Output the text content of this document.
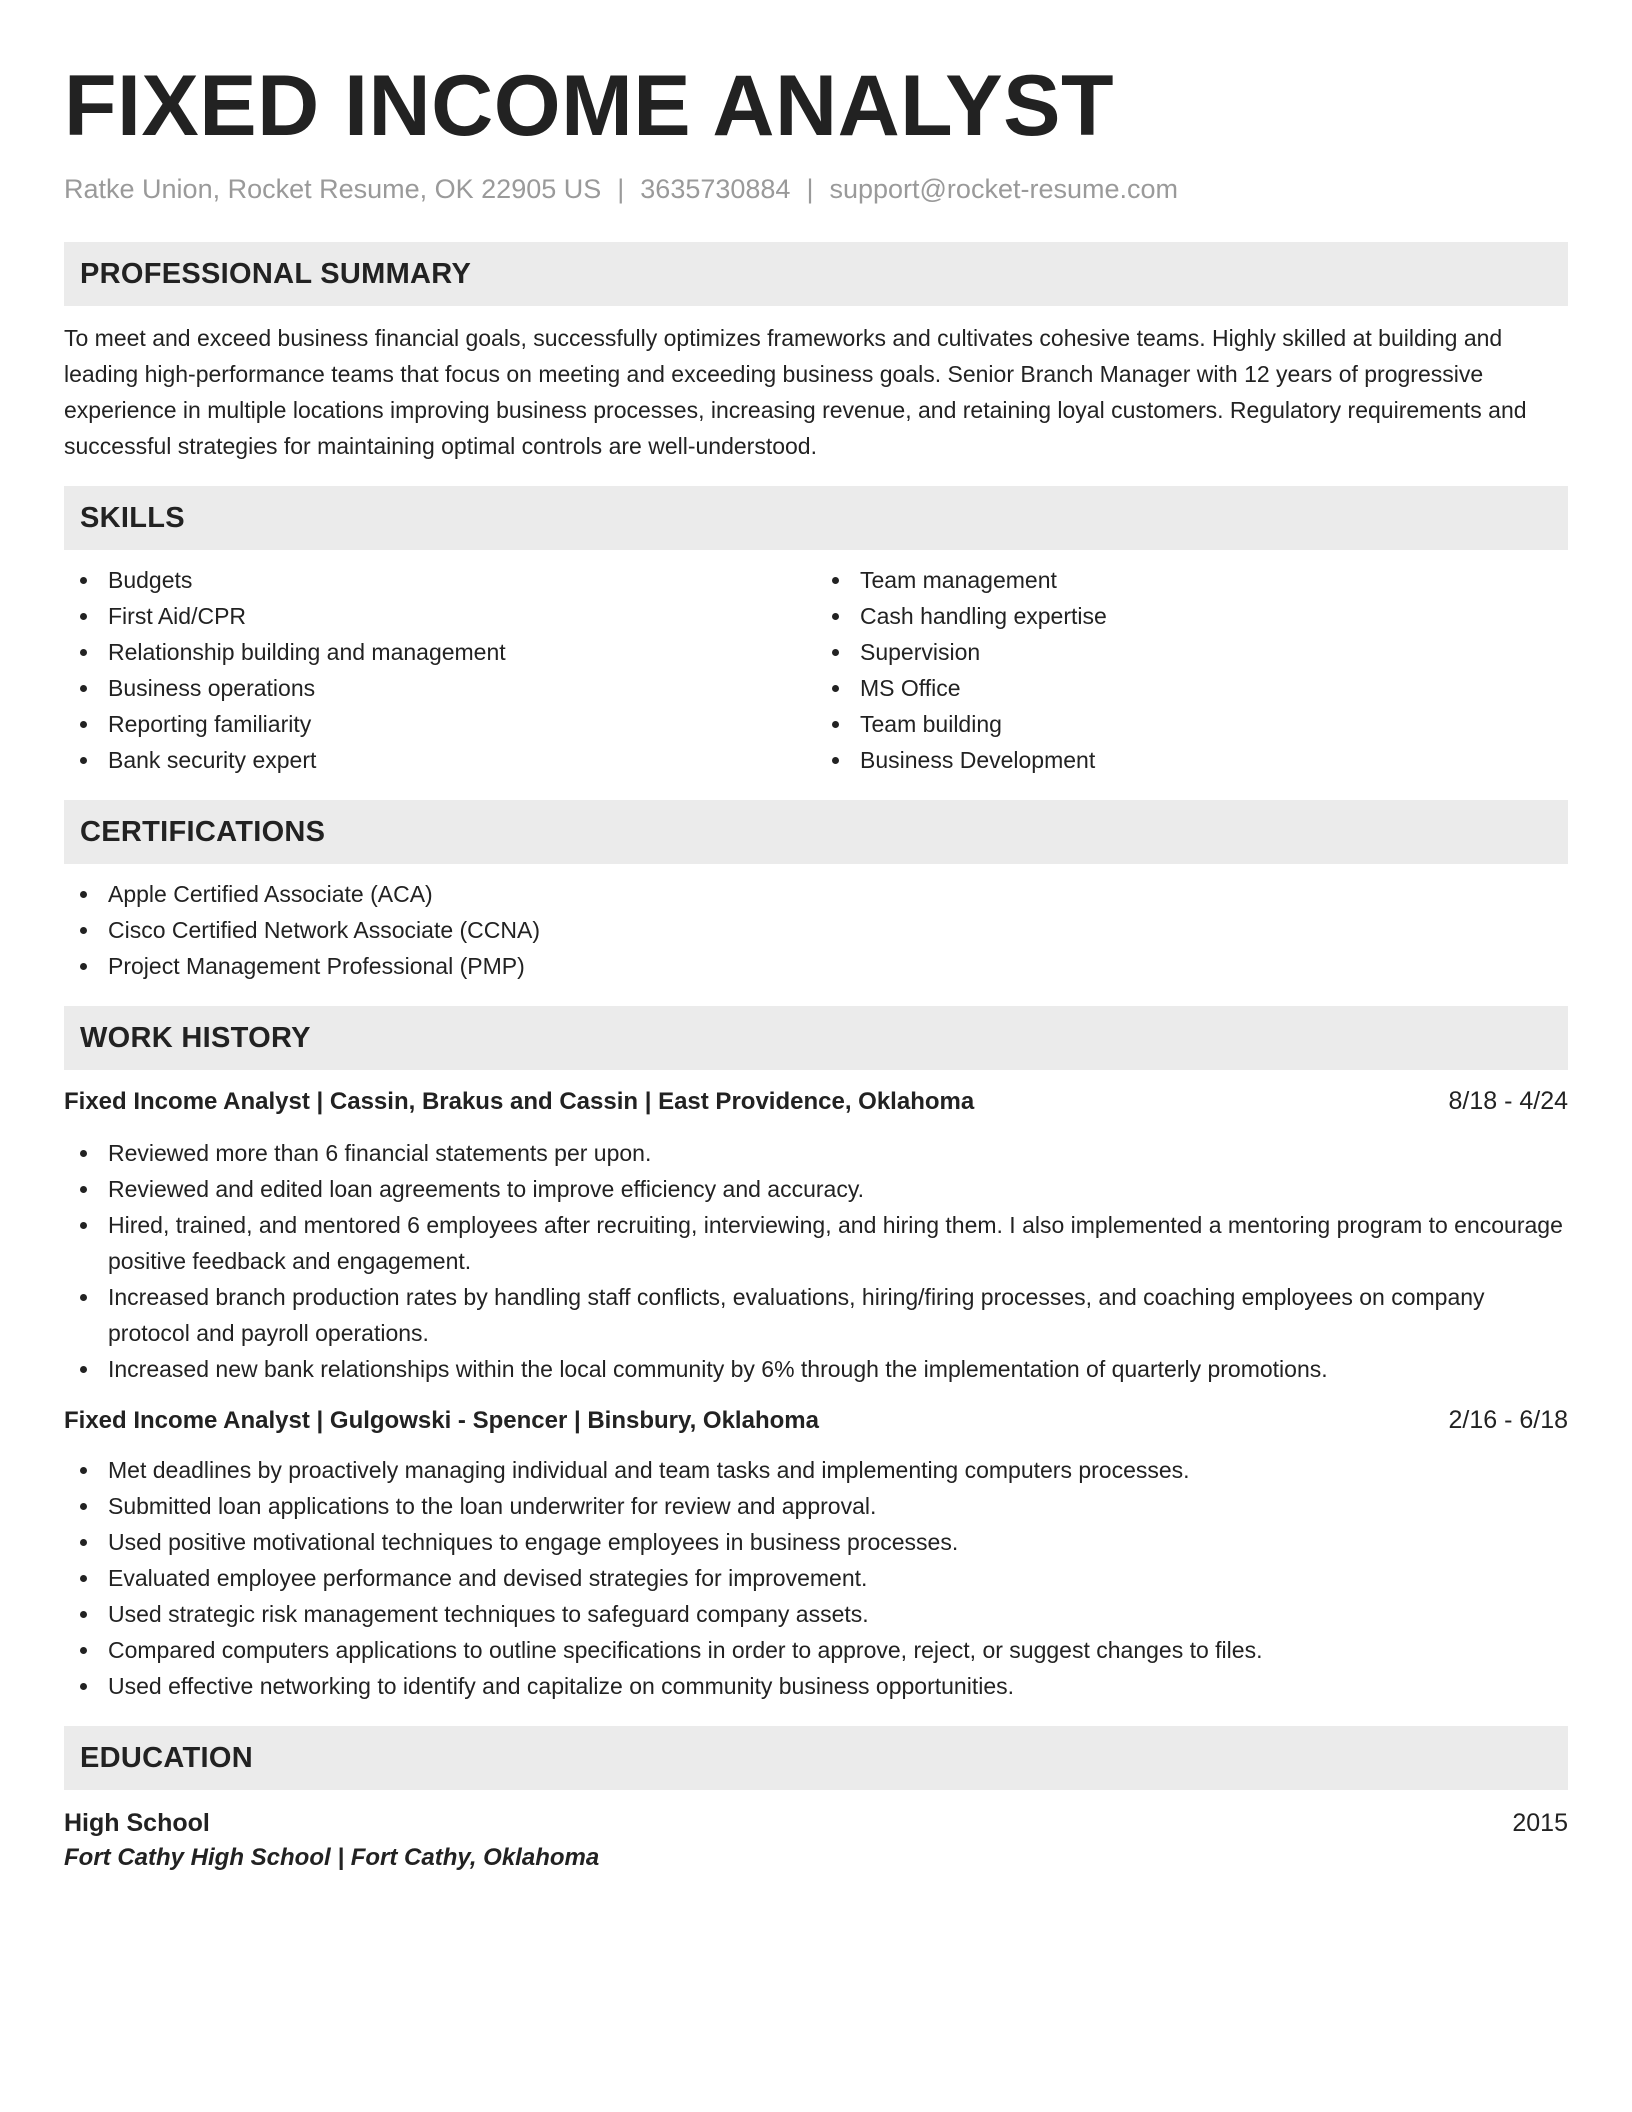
FIXED INCOME ANALYST
Ratke Union, Rocket Resume, OK 22905 US | 3635730884 | support@rocket-resume.com
PROFESSIONAL SUMMARY
To meet and exceed business financial goals, successfully optimizes frameworks and cultivates cohesive teams. Highly skilled at building and leading high-performance teams that focus on meeting and exceeding business goals. Senior Branch Manager with 12 years of progressive experience in multiple locations improving business processes, increasing revenue, and retaining loyal customers. Regulatory requirements and successful strategies for maintaining optimal controls are well-understood.
SKILLS
Budgets
First Aid/CPR
Relationship building and management
Business operations
Reporting familiarity
Bank security expert
Team management
Cash handling expertise
Supervision
MS Office
Team building
Business Development
CERTIFICATIONS
Apple Certified Associate (ACA)
Cisco Certified Network Associate (CCNA)
Project Management Professional (PMP)
WORK HISTORY
Fixed Income Analyst | Cassin, Brakus and Cassin | East Providence, Oklahoma	8/18 - 4/24
Reviewed more than 6 financial statements per upon.
Reviewed and edited loan agreements to improve efficiency and accuracy.
Hired, trained, and mentored 6 employees after recruiting, interviewing, and hiring them. I also implemented a mentoring program to encourage positive feedback and engagement.
Increased branch production rates by handling staff conflicts, evaluations, hiring/firing processes, and coaching employees on company protocol and payroll operations.
Increased new bank relationships within the local community by 6% through the implementation of quarterly promotions.
Fixed Income Analyst | Gulgowski - Spencer | Binsbury, Oklahoma	2/16 - 6/18
Met deadlines by proactively managing individual and team tasks and implementing computers processes.
Submitted loan applications to the loan underwriter for review and approval.
Used positive motivational techniques to engage employees in business processes.
Evaluated employee performance and devised strategies for improvement.
Used strategic risk management techniques to safeguard company assets.
Compared computers applications to outline specifications in order to approve, reject, or suggest changes to files.
Used effective networking to identify and capitalize on community business opportunities.
EDUCATION
High School	2015
Fort Cathy High School | Fort Cathy, Oklahoma
